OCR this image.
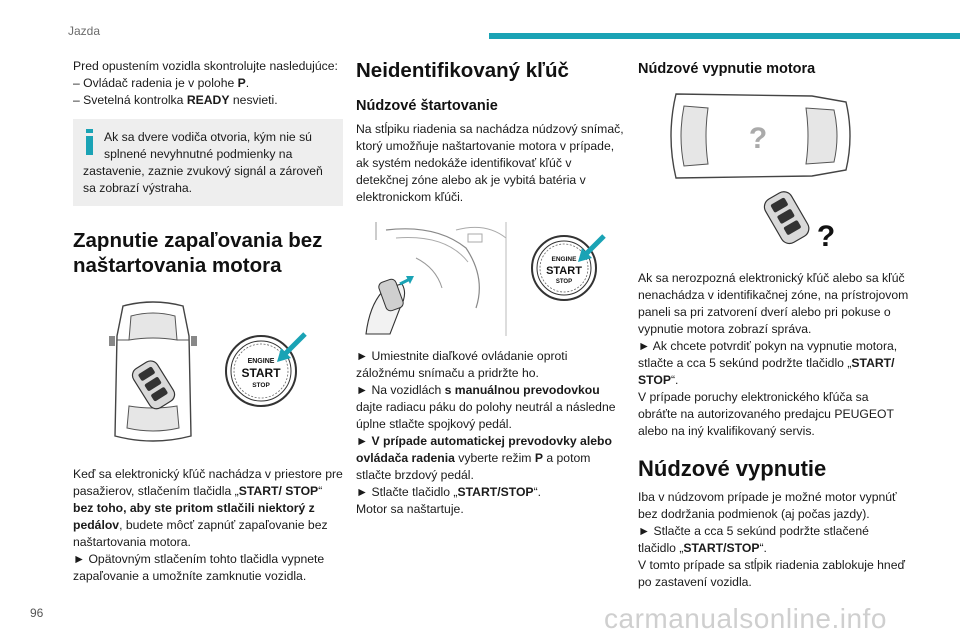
Jazda

Pred opustením vozidla skontrolujte nasledujúce:

– Ovládač radenia je v polohe P.

– Svetelná kontrolka READY nesvieti.

Ak sa dvere vodiča otvoria, kým nie sú

splnené nevyhnutné podmienky na

zastavenie, zaznie zvukový signál a zároveň sa zobrazí výstraha.

Zapnutie zapaľovania bez naštartovania motora
ENGINE
START
STOP

Keď sa elektronický kľúč nachádza v priestore pre pasažierov, stlačením tlačidla „START/ STOP“ bez toho, aby ste pritom stlačili niektorý z pedálov, budete môcť zapnúť zapaľovanie bez naštartovania motora.

► Opätovným stlačením tohto tlačidla vypnete zapaľovanie a umožníte zamknutie vozidla.

Neidentifikovaný kľúč
Núdzové štartovanie

Na stĺpiku riadenia sa nachádza núdzový snímač, ktorý umožňuje naštartovanie motora v prípade, ak systém nedokáže identifikovať kľúč v detekčnej zóne alebo ak je vybitá batéria v elektronickom kľúči.

ENGINE
START
STOP

► Umiestnite diaľkové ovládanie oproti záložnému snímaču a pridržte ho.

► Na vozidlách s manuálnou prevodovkou dajte radiacu páku do polohy neutrál a následne úplne stlačte spojkový pedál.

► V prípade automatickej prevodovky alebo ovládača radenia vyberte režim P a potom stlačte brzdový pedál.

► Stlačte tlačidlo „START/STOP“.

Motor sa naštartuje.

Núdzové vypnutie motora
?
?

Ak sa nerozpozná elektronický kľúč alebo sa kľúč nenachádza v identifikačnej zóne, na prístrojovom paneli sa pri zatvorení dverí alebo pri pokuse o vypnutie motora zobrazí správa.

► Ak chcete potvrdiť pokyn na vypnutie motora, stlačte a cca 5 sekúnd podržte tlačidlo „START/ STOP“.

V prípade poruchy elektronického kľúča sa obráťte na autorizovaného predajcu PEUGEOT alebo na iný kvalifikovaný servis.

Núdzové vypnutie

Iba v núdzovom prípade je možné motor vypnúť bez dodržania podmienok (aj počas jazdy).

► Stlačte a cca 5 sekúnd podržte stlačené tlačidlo „START/STOP“.

V tomto prípade sa stĺpik riadenia zablokuje hneď po zastavení vozidla.

96	carmanualsonline.info
